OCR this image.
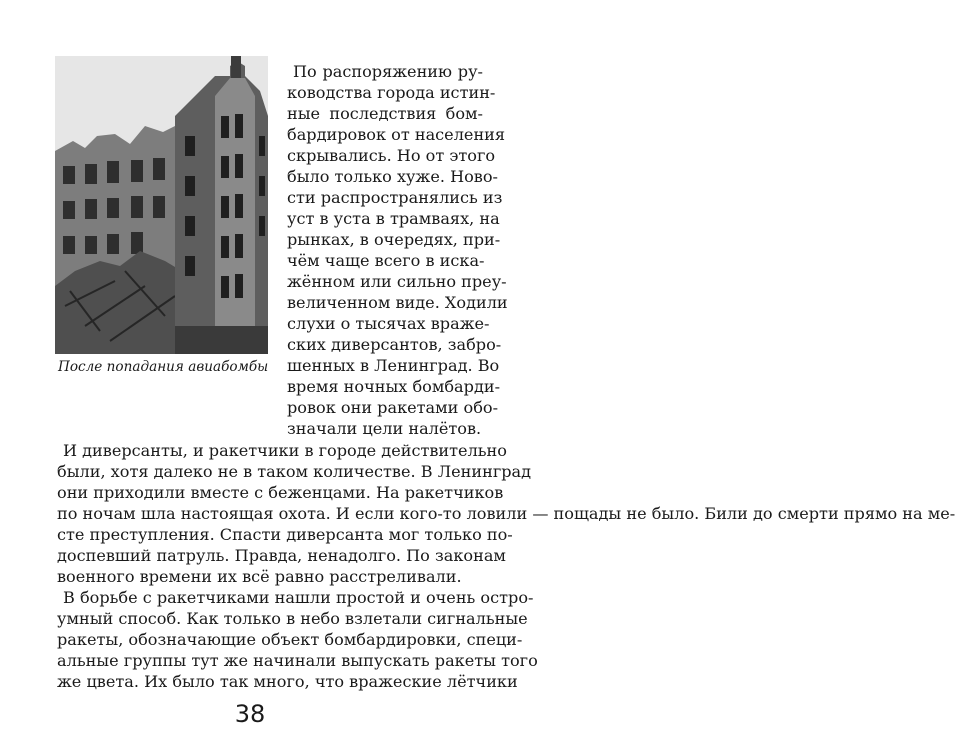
После попадания авиабомбы
По распоряжению ру-
ководства города истин-
ные последствия бом-
бардировок от населения
скрывались. Но от этого
было только хуже. Ново-
сти распространялись из
уст в уста в трамваях, на
рынках, в очередях, при-
чём чаще всего в иска-
жённом или сильно преу-
величенном виде. Ходили
слухи о тысячах враже-
ских диверсантов, забро-
шенных в Ленинград. Во
время ночных бомбарди-
ровок они ракетами обо-
значали цели налётов.
И диверсанты, и ракетчики в городе действительно
были, хотя далеко не в таком количестве. В Ленинград
они приходили вместе с беженцами. На ракетчиков
по ночам шла настоящая охота. И если кого-то ловили — пощады не было. Били до смерти прямо на ме-
сте преступления. Спасти диверсанта мог только по-
доспевший патруль. Правда, ненадолго. По законам
военного времени их всё равно расстреливали.
В борьбе с ракетчиками нашли простой и очень остро-
умный способ. Как только в небо взлетали сигнальные
ракеты, обозначающие объект бомбардировки, специ-
альные группы тут же начинали выпускать ракеты того
же цвета. Их было так много, что вражеские лётчики
38
